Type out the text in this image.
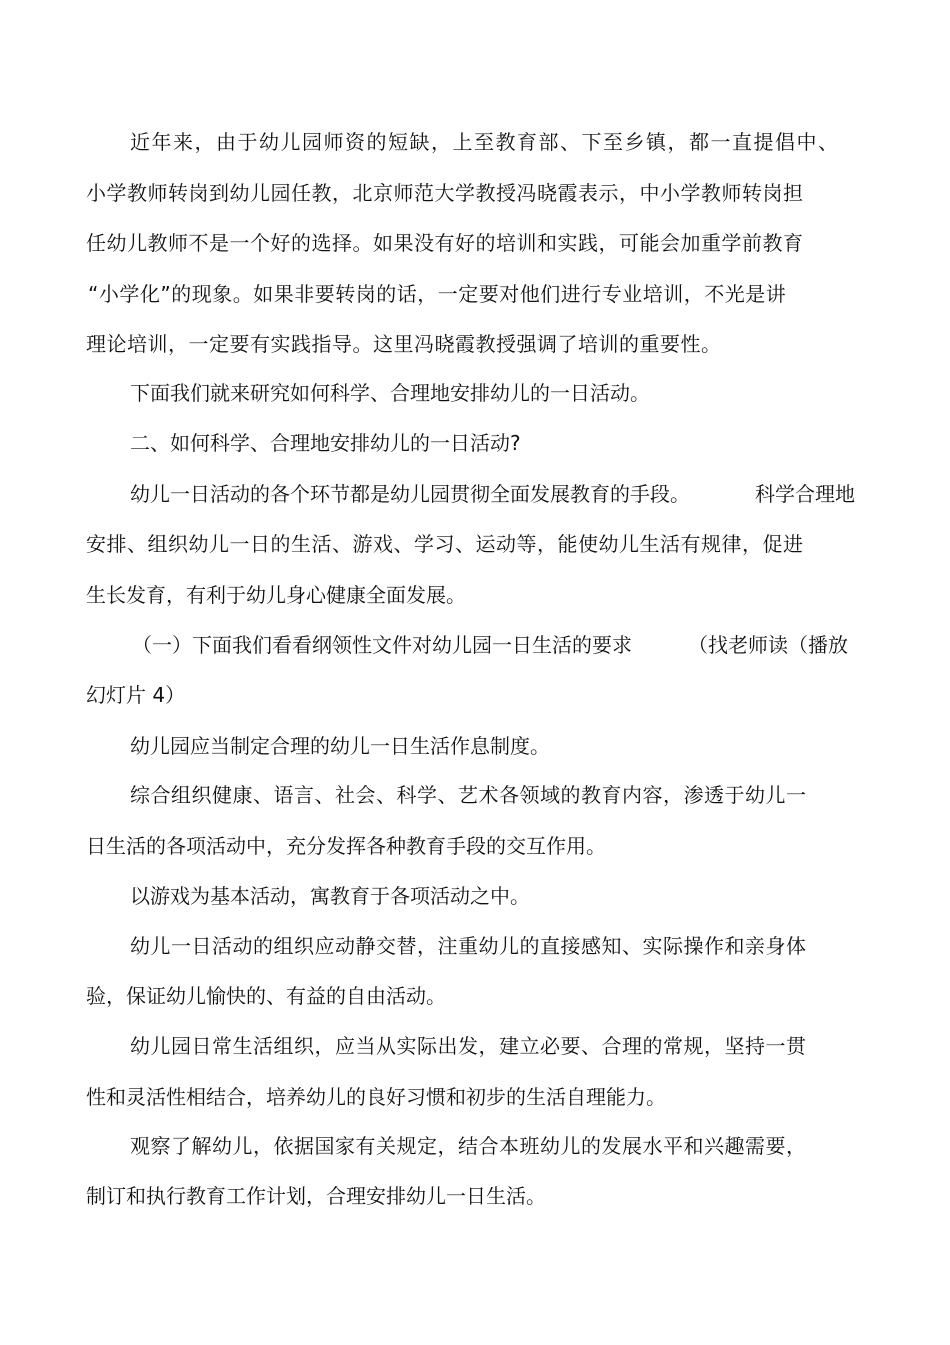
近年来，由于幼儿园师资的短缺，上至教育部、下至乡镇，都一直提倡中、

小学教师转岗到幼儿园任教，北京师范大学教授冯晓霞表示，中小学教师转岗担

任幼儿教师不是一个好的选择。如果没有好的培训和实践，可能会加重学前教育

“小学化”的现象。如果非要转岗的话，一定要对他们进行专业培训，不光是讲

理论培训，一定要有实践指导。这里冯晓霞教授强调了培训的重要性。

下面我们就来研究如何科学、合理地安排幼儿的一日活动。

二、如何科学、合理地安排幼儿的一日活动?

幼儿一日活动的各个环节都是幼儿园贯彻全面发展教育的手段。	科学合理地

安排、组织幼儿一日的生活、游戏、学习、运动等，能使幼儿生活有规律，促进

生长发育，有利于幼儿身心健康全面发展。

（一）下面我们看看纲领性文件对幼儿园一日生活的要求	（找老师读（播放

幻灯片 4）

幼儿园应当制定合理的幼儿一日生活作息制度。

综合组织健康、语言、社会、科学、艺术各领域的教育内容，渗透于幼儿一

日生活的各项活动中，充分发挥各种教育手段的交互作用。

以游戏为基本活动，寓教育于各项活动之中。

幼儿一日活动的组织应动静交替，注重幼儿的直接感知、实际操作和亲身体

验，保证幼儿愉快的、有益的自由活动。

幼儿园日常生活组织，应当从实际出发，建立必要、合理的常规，坚持一贯

性和灵活性相结合，培养幼儿的良好习惯和初步的生活自理能力。

观察了解幼儿，依据国家有关规定，结合本班幼儿的发展水平和兴趣需要，

制订和执行教育工作计划，合理安排幼儿一日生活。
